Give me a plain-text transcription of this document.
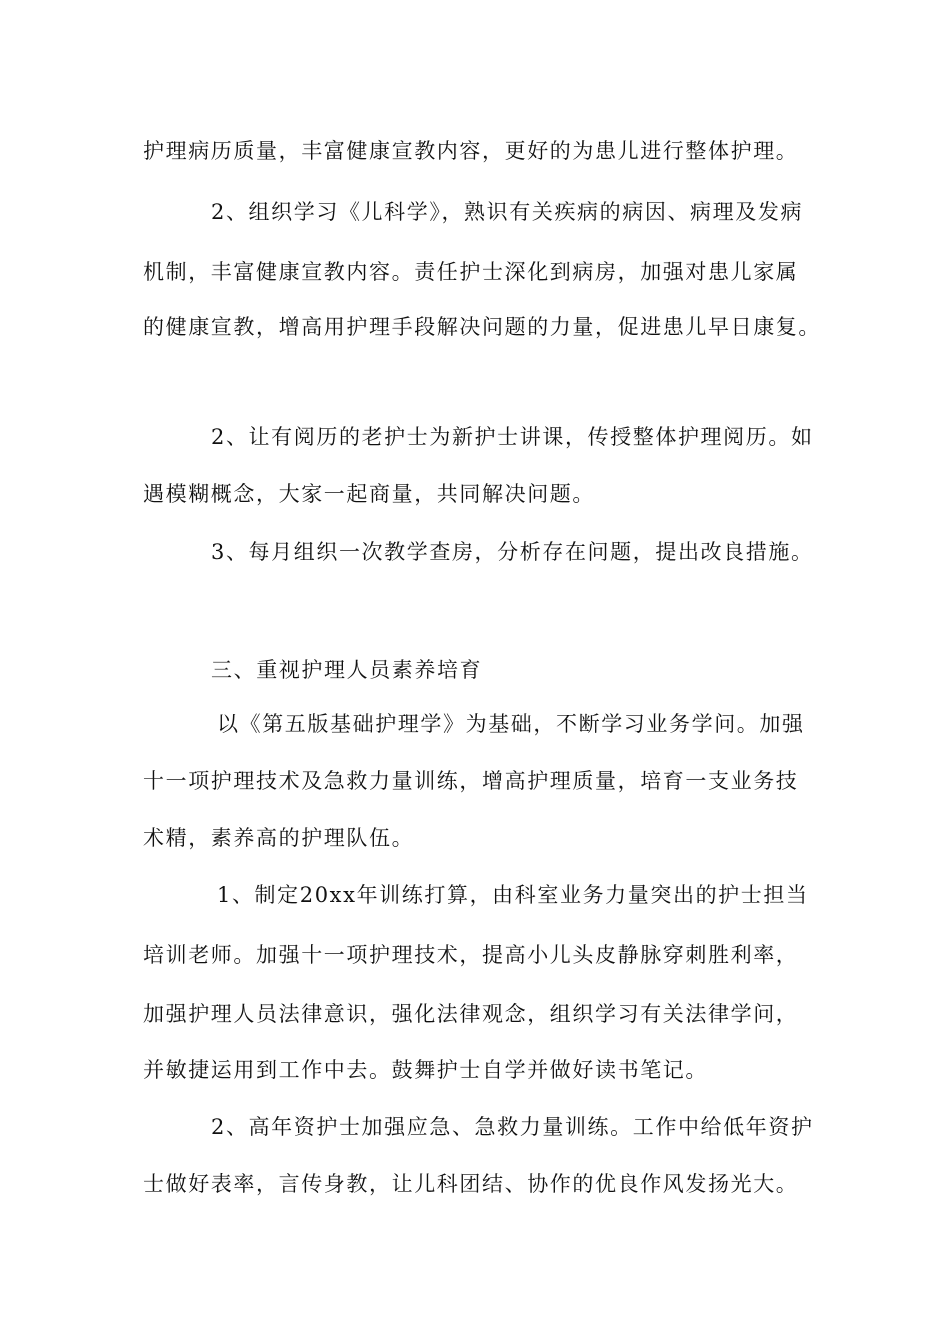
护理病历质量，丰富健康宣教内容，更好的为患儿进行整体护理。
2、组织学习《儿科学》，熟识有关疾病的病因、病理及发病
机制，丰富健康宣教内容。责任护士深化到病房，加强对患儿家属
的健康宣教，增高用护理手段解决问题的力量，促进患儿早日康复。
2、让有阅历的老护士为新护士讲课，传授整体护理阅历。如
遇模糊概念，大家一起商量，共同解决问题。
3、每月组织一次教学查房，分析存在问题，提出改良措施。
三、重视护理人员素养培育
以《第五版基础护理学》为基础，不断学习业务学问。加强
十一项护理技术及急救力量训练，增高护理质量，培育一支业务技
术精，素养高的护理队伍。
1、制定20xx年训练打算，由科室业务力量突出的护士担当
培训老师。加强十一项护理技术，提高小儿头皮静脉穿刺胜利率，
加强护理人员法律意识，强化法律观念，组织学习有关法律学问，
并敏捷运用到工作中去。鼓舞护士自学并做好读书笔记。
2、高年资护士加强应急、急救力量训练。工作中给低年资护
士做好表率，言传身教，让儿科团结、协作的优良作风发扬光大。
